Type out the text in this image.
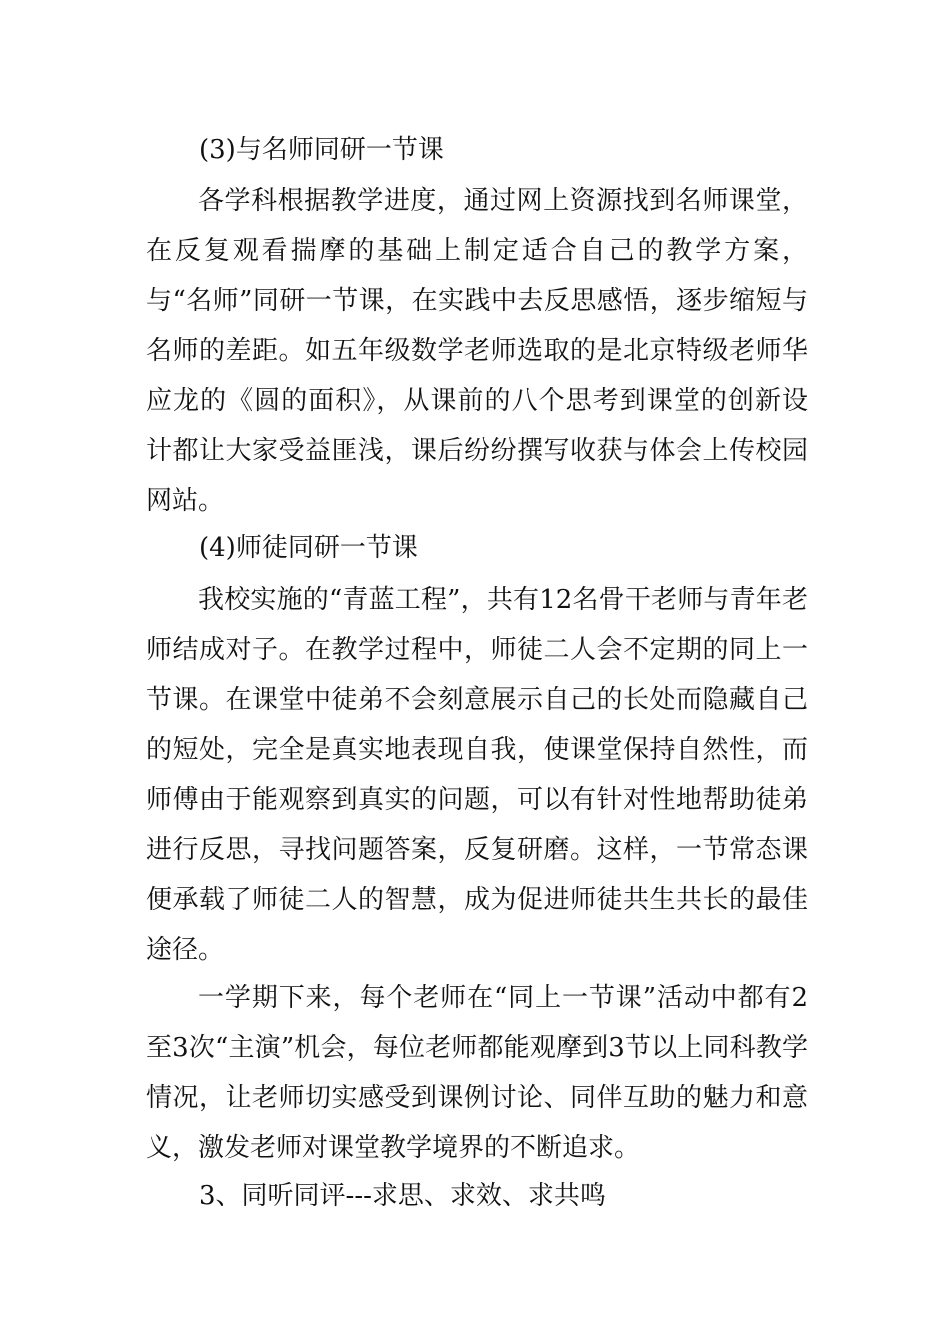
(3)与名师同研一节课

各学科根据教学进度，通过网上资源找到名师课堂，在反复观看揣摩的基础上制定适合自己的教学方案，与“名师”同研一节课，在实践中去反思感悟，逐步缩短与名师的差距。如五年级数学老师选取的是北京特级老师华应龙的《圆的面积》，从课前的八个思考到课堂的创新设计都让大家受益匪浅，课后纷纷撰写收获与体会上传校园网站。

(4)师徒同研一节课

我校实施的“青蓝工程”，共有12名骨干老师与青年老师结成对子。在教学过程中，师徒二人会不定期的同上一节课。在课堂中徒弟不会刻意展示自己的长处而隐藏自己的短处，完全是真实地表现自我，使课堂保持自然性，而师傅由于能观察到真实的问题，可以有针对性地帮助徒弟进行反思，寻找问题答案，反复研磨。这样，一节常态课便承载了师徒二人的智慧，成为促进师徒共生共长的最佳途径。

一学期下来，每个老师在“同上一节课”活动中都有2至3次“主演”机会，每位老师都能观摩到3节以上同科教学情况，让老师切实感受到课例讨论、同伴互助的魅力和意义，激发老师对课堂教学境界的不断追求。

3、同听同评---求思、求效、求共鸣
